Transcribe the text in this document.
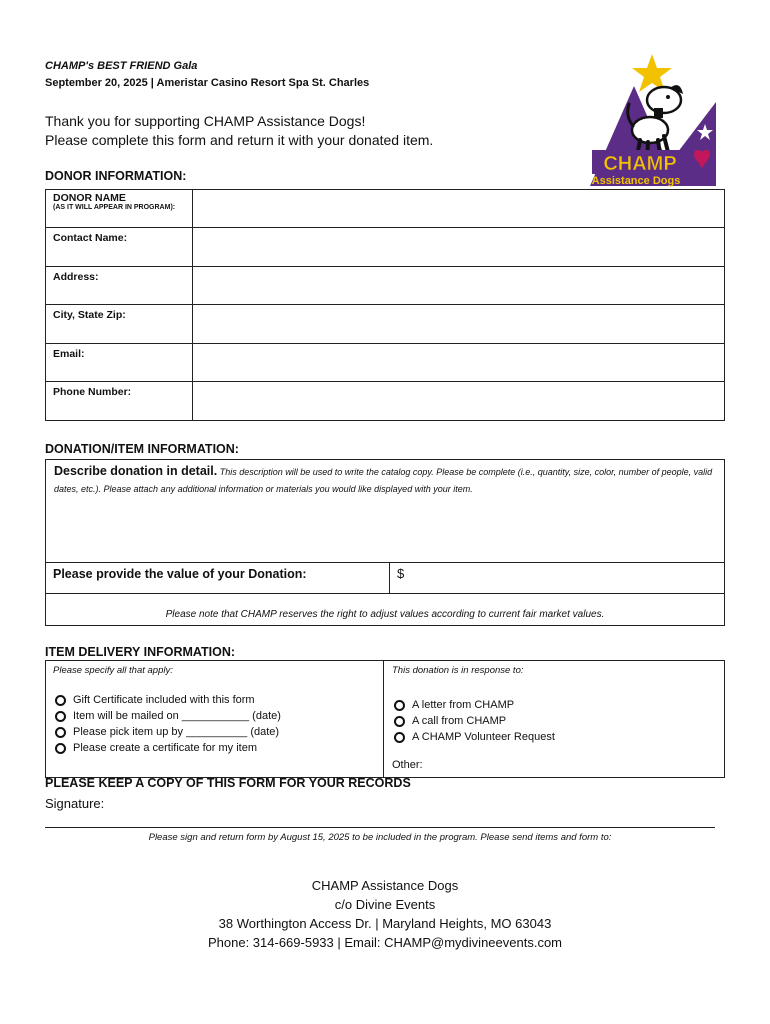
CHAMP's BEST FRIEND Gala
September 20, 2025 | Ameristar Casino Resort Spa St. Charles
Thank you for supporting CHAMP Assistance Dogs!
Please complete this form and return it with your donated item.
CHAMP
Assistance Dogs
DONOR INFORMATION:
DONOR NAME
(AS IT WILL APPEAR IN PROGRAM):	

Contact Name:	

Address:	

City, State Zip:	

Email:	

Phone Number:	

DONATION/ITEM INFORMATION:
Describe donation in detail. This description will be used to write the catalog copy. Please be complete (i.e., quantity, size, color, number of people, valid dates, etc.). Please attach any additional information or materials you would like displayed with your item.
Please provide the value of your Donation:	$
Please note that CHAMP reserves the right to adjust values according to current fair market values.
ITEM DELIVERY INFORMATION:
Please specify all that apply:
Gift Certificate included with this form
Item will be mailed on ___________ (date)
Please pick item up by __________ (date)
Please create a certificate for my item
This donation is in response to:
A letter from CHAMP
A call from CHAMP
A CHAMP Volunteer Request
Other:
PLEASE KEEP A COPY OF THIS FORM FOR YOUR RECORDS
Signature:
Please sign and return form by August 15, 2025 to be included in the program. Please send items and form to:
CHAMP Assistance Dogs
c/o Divine Events
38 Worthington Access Dr. | Maryland Heights, MO 63043
Phone: 314-669-5933 | Email: CHAMP@mydivineevents.com
